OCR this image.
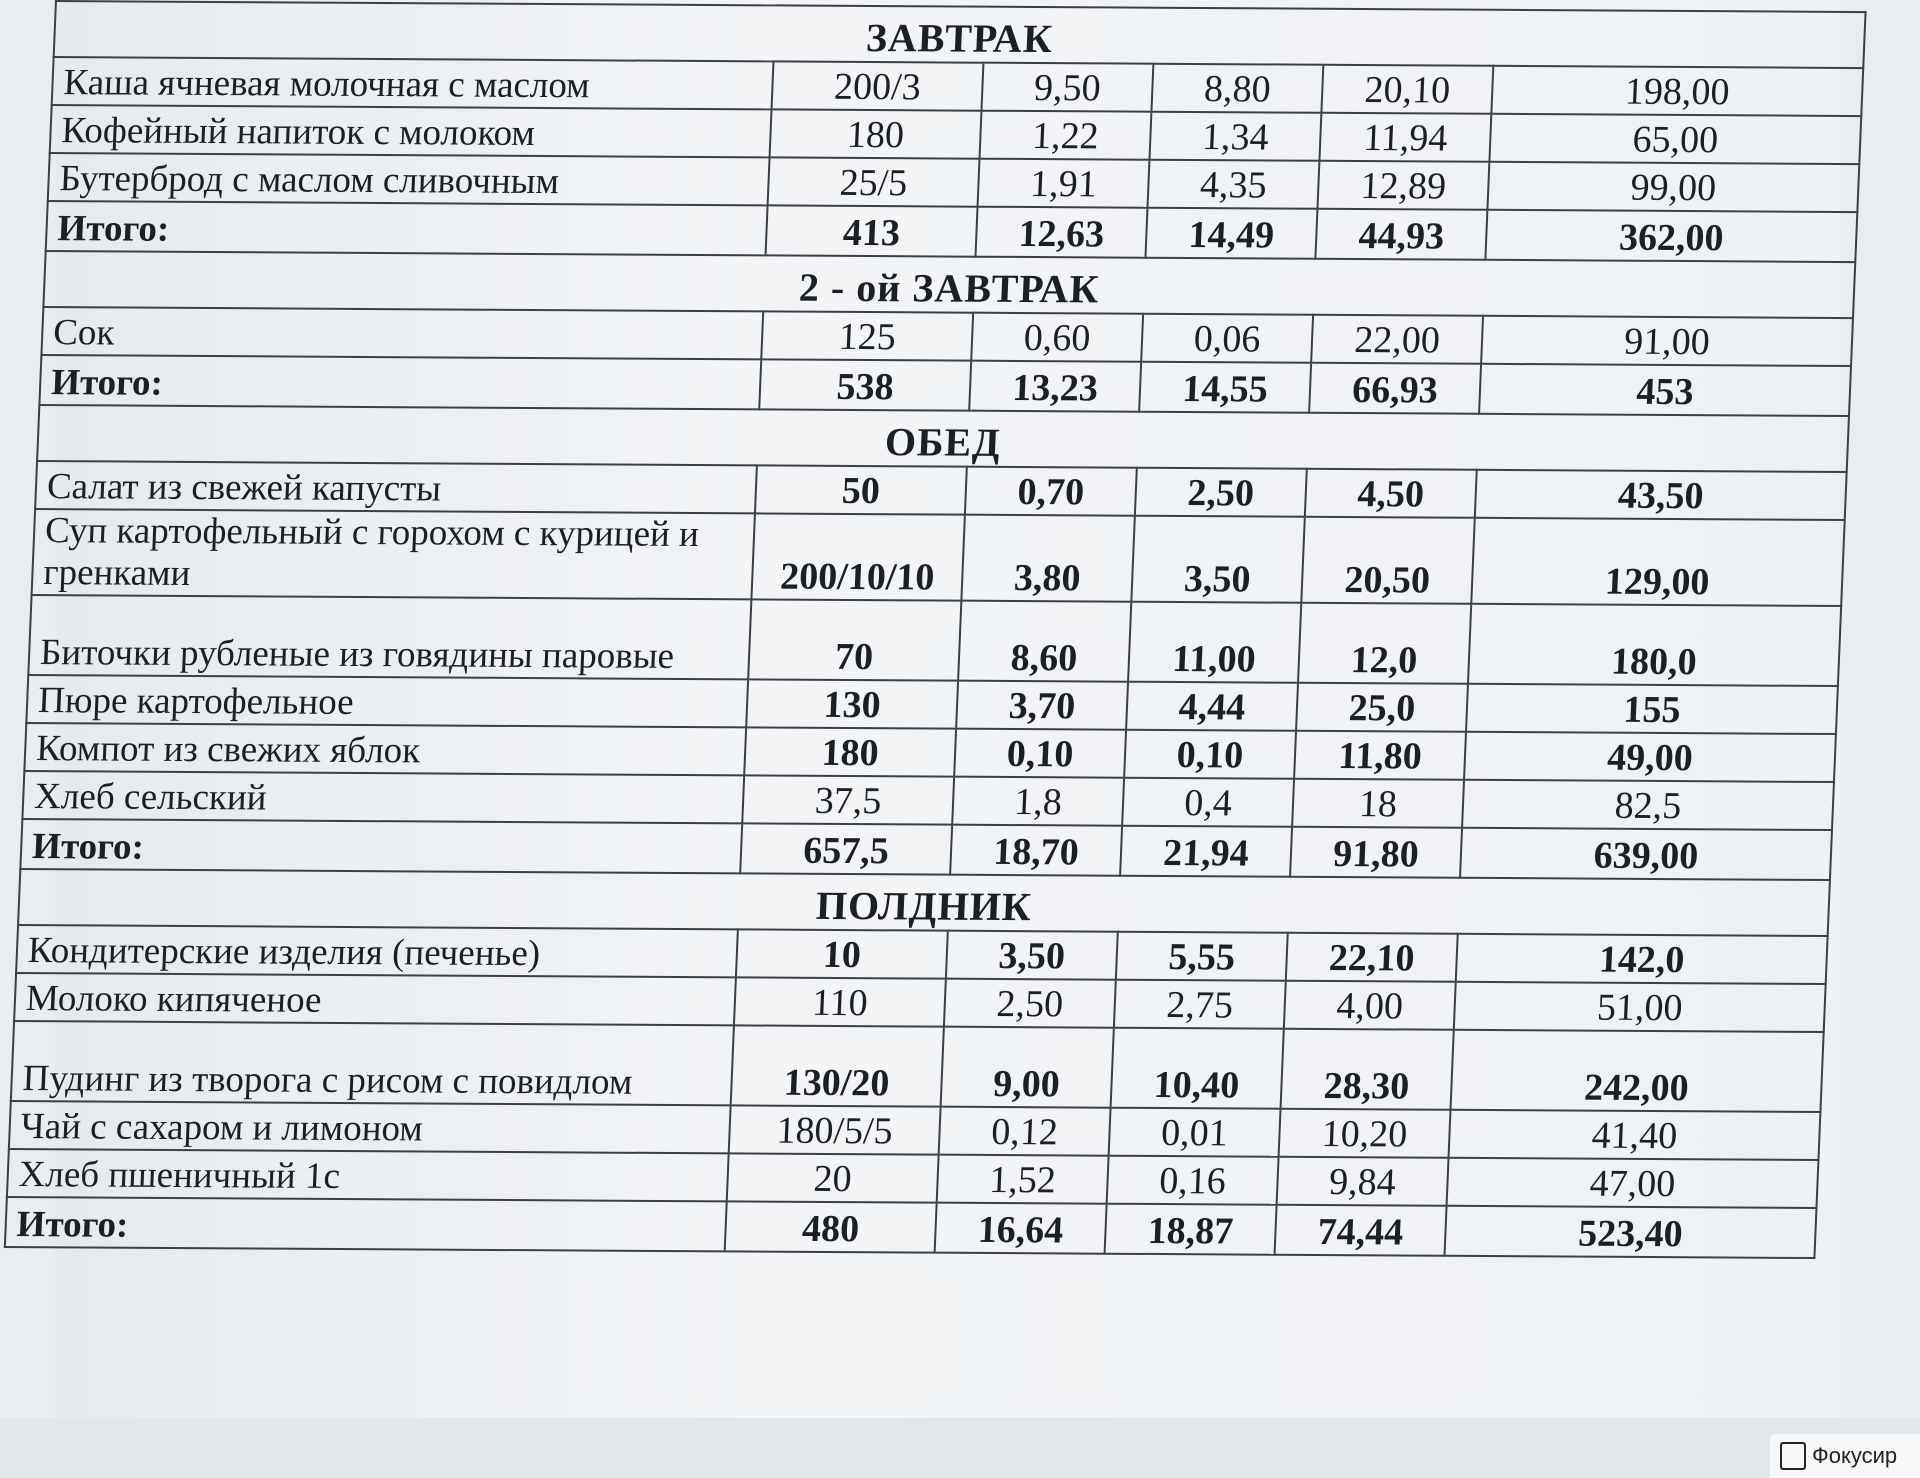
ЗАВТРАК					
Каша ячневая молочная с маслом	200/3	9,50	8,80	20,10	198,00
Кофейный напиток с молоком	180	1,22	1,34	11,94	65,00
Бутерброд с маслом сливочным	25/5	1,91	4,35	12,89	99,00
Итого:	413	12,63	14,49	44,93	362,00
2 - ой ЗАВТРАК					
Сок	125	0,60	0,06	22,00	91,00
Итого:	538	13,23	14,55	66,93	453
ОБЕД					
Салат из свежей капусты	50	0,70	2,50	4,50	43,50
Суп картофельный с горохом с курицей и гренками	200/10/10	3,80	3,50	20,50	129,00
Биточки рубленые из говядины паровые	70	8,60	11,00	12,0	180,0
Пюре картофельное	130	3,70	4,44	25,0	155
Компот из свежих яблок	180	0,10	0,10	11,80	49,00
Хлеб сельский	37,5	1,8	0,4	18	82,5
Итого:	657,5	18,70	21,94	91,80	639,00
ПОЛДНИК					
Кондитерские изделия (печенье)	10	3,50	5,55	22,10	142,0
Молоко кипяченое	110	2,50	2,75	4,00	51,00
Пудинг из творога с рисом с повидлом	130/20	9,00	10,40	28,30	242,00
Чай с сахаром и лимоном	180/5/5	0,12	0,01	10,20	41,40
Хлеб пшеничный 1с	20	1,52	0,16	9,84	47,00
Итого:	480	16,64	18,87	74,44	523,40
Фокусир
